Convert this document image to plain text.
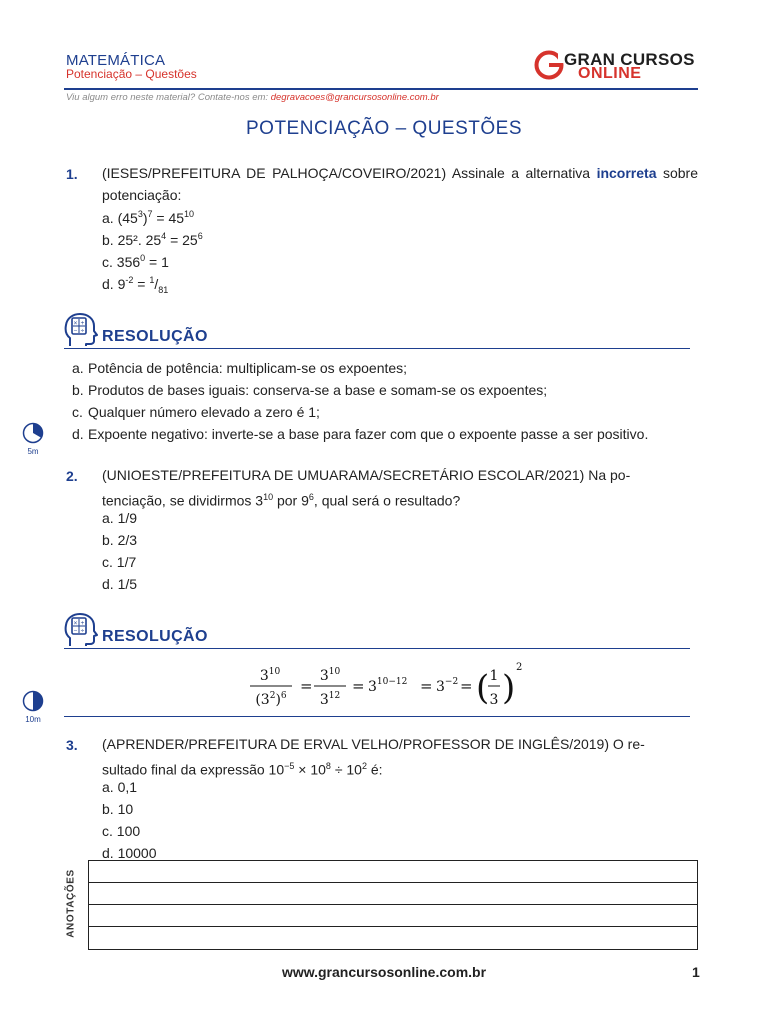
MATEMÁTICA
Potenciação – Questões
GRAN CURSOS
ONLINE
Viu algum erro neste material? Contate-nos em: degravacoes@grancursosonline.com.br
POTENCIAÇÃO – QUESTÕES
1. (IESES/PREFEITURA DE PALHOÇA/COVEIRO/2021) Assinale a alternativa incorreta sobre potenciação:
a. $(45^3)^7 = 45^{10}$
b. 25². $25^4 = 25^6$
c. $356^0 = 1$
d. $9^{-2} = ^1/_{81}$
× +
− ÷ RESOLUÇÃO
a. Potência de potência: multiplicam-se os expoentes;
b. Produtos de bases iguais: conserva-se a base e somam-se os expoentes;
c. Qualquer número elevado a zero é 1;
d. Expoente negativo: inverte-se a base para fazer com que o expoente passe a ser positivo.
5m
2. (UNIOESTE/PREFEITURA DE UMUARAMA/SECRETÁRIO ESCOLAR/2021) Na po-
tenciação, se dividirmos $3^{10}$ por $9^6$, qual será o resultado?
a. 1/9
b. 2/3
c. 1/7
d. 1/5
× +
− ÷ RESOLUÇÃO
$3^{10}$
$(3^2)^6$
=
$3^{10}$
$3^{12}$
= $3^{10-12} = 3^{-2}$ = ( 1
3 )
2
10m
3. (APRENDER/PREFEITURA DE ERVAL VELHO/PROFESSOR DE INGLÊS/2019) O re-
sultado final da expressão $10^{-5} \times 10^8 \div 10^2$ é:
a. 0,1
b. 10
c. 100
d. 10000
ANOTAÇÕES
www.grancursosonline.com.br	1
